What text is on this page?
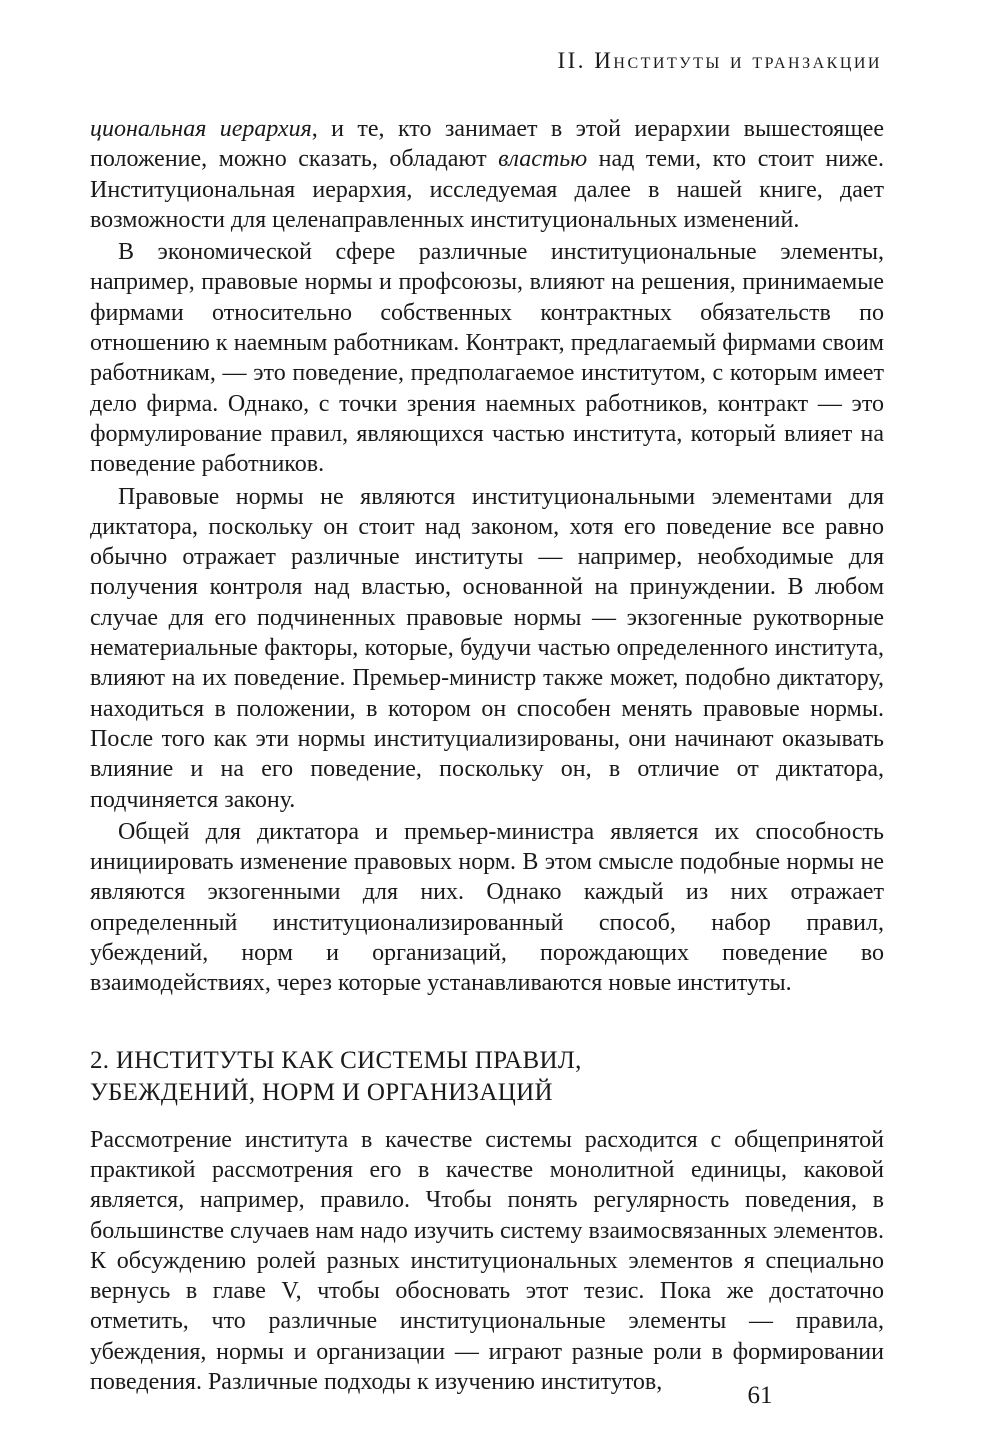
II. Институты и транзакции

циональная иерархия, и те, кто занимает в этой иерархии вышестоящее положение, можно сказать, обладают властью над теми, кто стоит ниже. Институциональная иерархия, исследуемая далее в нашей книге, дает возможности для целенаправленных институциональных изменений.

В экономической сфере различные институциональные элементы, например, правовые нормы и профсоюзы, влияют на решения, принимаемые фирмами относительно собственных контрактных обязательств по отношению к наемным работникам. Контракт, предлагаемый фирмами своим работникам, — это поведение, предполагаемое институтом, с которым имеет дело фирма. Однако, с точки зрения наемных работников, контракт — это формулирование правил, являющихся частью института, который влияет на поведение работников.

Правовые нормы не являются институциональными элементами для диктатора, поскольку он стоит над законом, хотя его поведение все равно обычно отражает различные институты — например, необходимые для получения контроля над властью, основанной на принуждении. В любом случае для его подчиненных правовые нормы — экзогенные рукотворные нематериальные факторы, которые, будучи частью определенного института, влияют на их поведение. Премьер-министр также может, подобно диктатору, находиться в положении, в котором он способен менять правовые нормы. После того как эти нормы институциализированы, они начинают оказывать влияние и на его поведение, поскольку он, в отличие от диктатора, подчиняется закону.

Общей для диктатора и премьер-министра является их способность инициировать изменение правовых норм. В этом смысле подобные нормы не являются экзогенными для них. Однако каждый из них отражает определенный институционализированный способ, набор правил, убеждений, норм и организаций, порождающих поведение во взаимодействиях, через которые устанавливаются новые институты.

2. ИНСТИТУТЫ КАК СИСТЕМЫ ПРАВИЛ,
УБЕЖДЕНИЙ, НОРМ И ОРГАНИЗАЦИЙ

Рассмотрение института в качестве системы расходится с общепринятой практикой рассмотрения его в качестве монолитной единицы, каковой является, например, правило. Чтобы понять регулярность поведения, в большинстве случаев нам надо изучить систему взаимосвязанных элементов. К обсуждению ролей разных институциональных элементов я специально вернусь в главе V, чтобы обосновать этот тезис. Пока же достаточно отметить, что различные институциональные элементы — правила, убеждения, нормы и организации — играют разные роли в формировании поведения. Различные подходы к изучению институтов,

61
